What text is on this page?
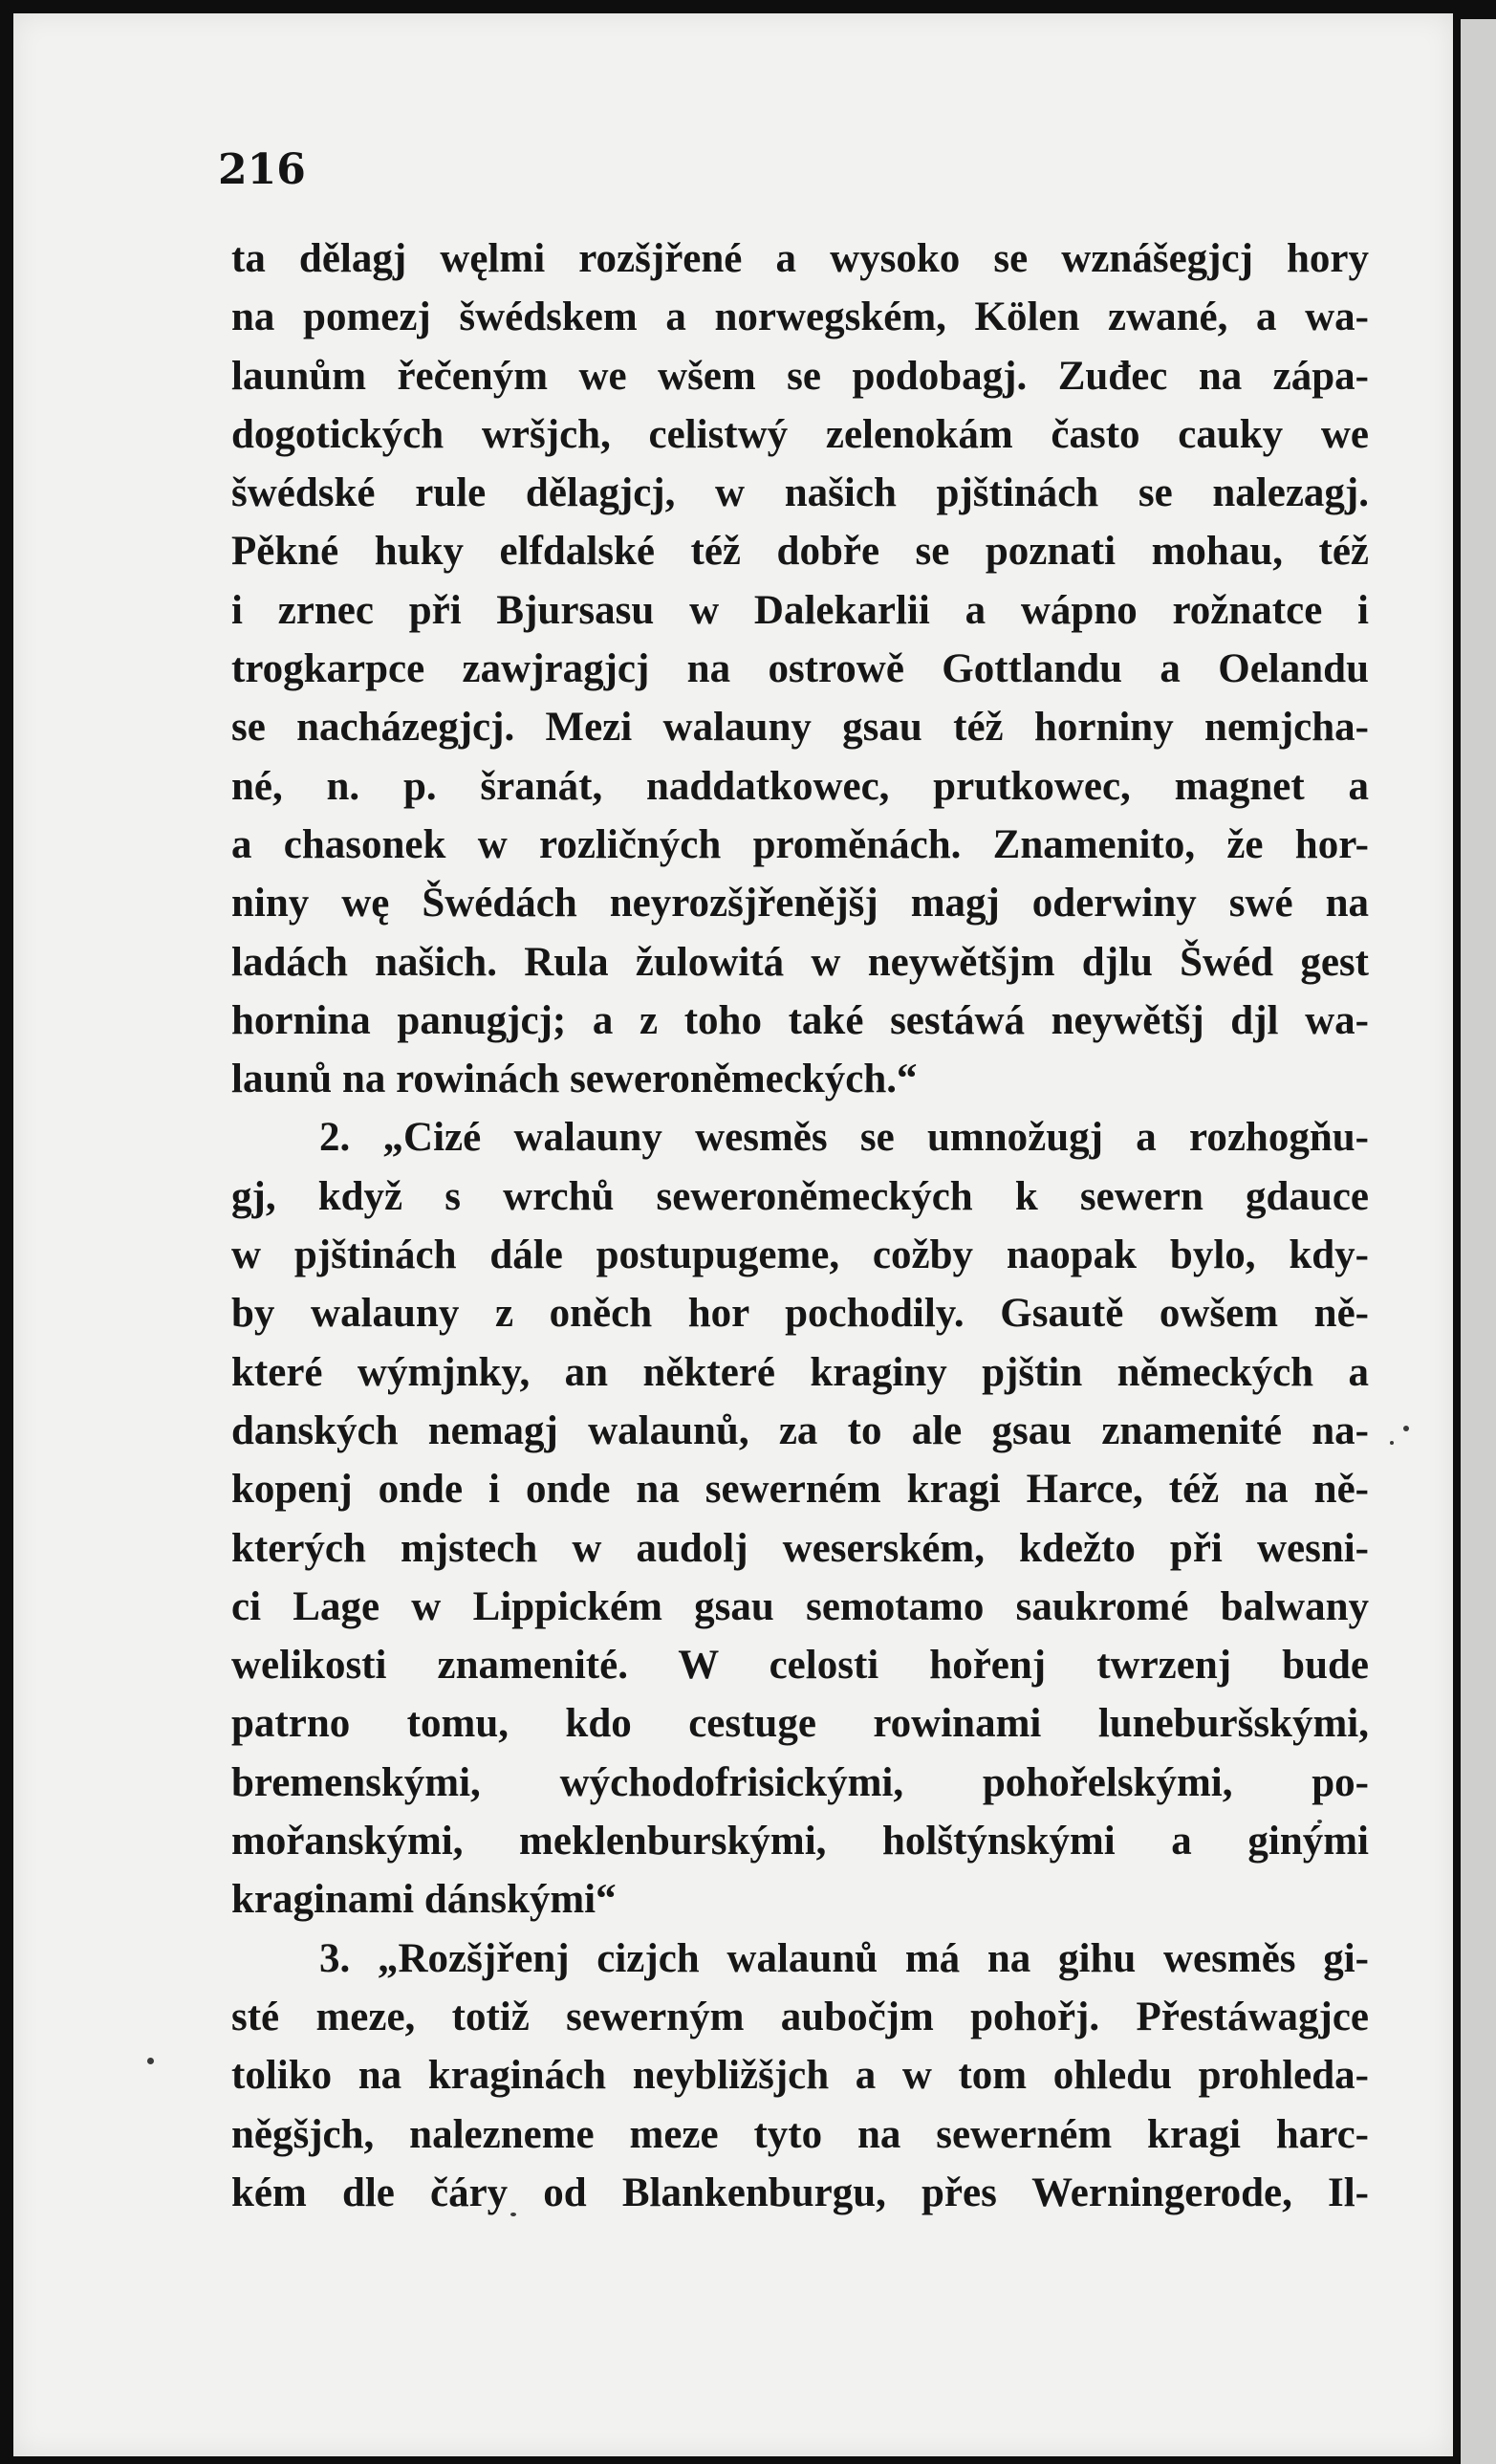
216

ta dělagj węlmi rozšjřené a wysoko se wznášegjcj hory
na pomezj šwédskem a norwegském, Kölen zwané, a wa-
launům řečeným we wšem se podobagj. Zuđec na zápa-
dogotických wršjch, celistwý zelenokám často cauky we
šwédské rule dělagjcj, w našich pjštinách se nalezagj.
Pěkné huky elfdalské též dobře se poznati mohau, též
i zrnec při Bjursasu w Dalekarlii a wápno rožnatce i
trogkarpce zawjragjcj na ostrowě Gottlandu a Oelandu
se nacházegjcj. Mezi walauny gsau též horniny nemjcha-
né, n. p. šranát, naddatkowec, prutkowec, magnet a
a chasonek w rozličných proměnách. Znamenito, že hor-
niny wę Šwédách neyrozšjřenějšj magj oderwiny swé na
ladách našich. Rula žulowitá w neywětšjm djlu Šwéd gest
hornina panugjcj; a z toho také sestáwá neywětšj djl wa-
launů na rowinách seweroněmeckých.“
2. „Cizé walauny wesměs se umnožugj a rozhogňu-
gj, když s wrchů seweroněmeckých k sewern gdauce
w pjštinách dále postupugeme, cožby naopak bylo, kdy-
by walauny z oněch hor pochodily. Gsautě owšem ně-
které wýmjnky, an některé kraginy pjštin německých a
danských nemagj walaunů, za to ale gsau znamenité na-
kopenj onde i onde na sewerném kragi Harce, též na ně-
kterých mjstech w audolj weserském, kdežto při wesni-
ci Lage w Lippickém gsau semotamo saukromé balwany
welikosti znamenité. W celosti hořenj twrzenj bude
patrno tomu, kdo cestuge rowinami luneburšskými,
bremenskými, wýchodofrisickými, pohořelskými, po-
mořanskými, meklenburskými, holštýnskými a ginými
kraginami dánskými“
3. „Rozšjřenj cizjch walaunů má na gihu wesměs gi-
sté meze, totiž sewerným aubočjm pohořj. Přestáwagjce
toliko na kraginách neybližšjch a w tom ohledu prohleda-
něgšjch, nalezneme meze tyto na sewerném kragi harc-
kém dle čáry od Blankenburgu, přes Werningerode, Il-
